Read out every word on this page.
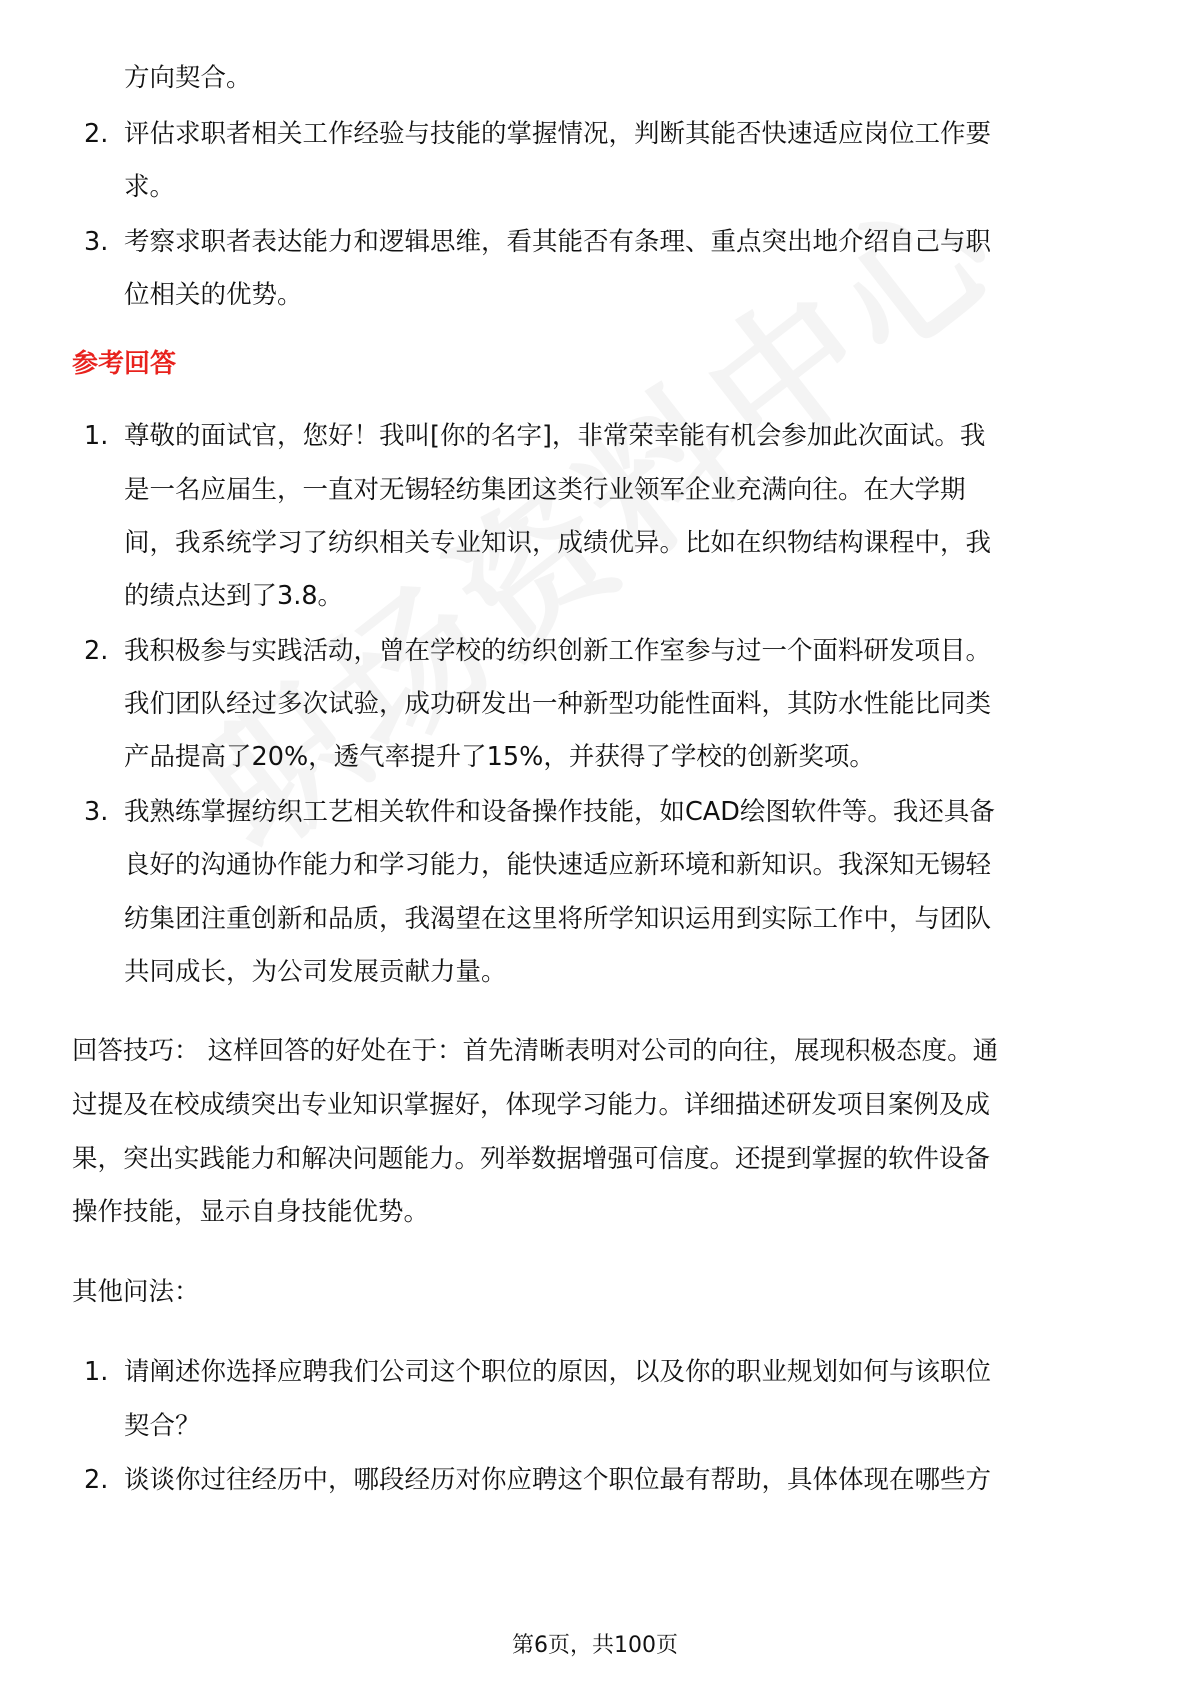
方向契合。
2. 评估求职者相关工作经验与技能的掌握情况，判断其能否快速适应岗位工作要
求。
3. 考察求职者表达能力和逻辑思维，看其能否有条理、重点突出地介绍自己与职
位相关的优势。
参考回答
1. 尊敬的面试官，您好！我叫[你的名字]，非常荣幸能有机会参加此次面试。我
是一名应届生，一直对无锡轻纺集团这类行业领军企业充满向往。在大学期
间，我系统学习了纺织相关专业知识，成绩优异。比如在织物结构课程中，我
的绩点达到了3.8。
2. 我积极参与实践活动，曾在学校的纺织创新工作室参与过一个面料研发项目。
我们团队经过多次试验，成功研发出一种新型功能性面料，其防水性能比同类
产品提高了20%，透气率提升了15%，并获得了学校的创新奖项。
3. 我熟练掌握纺织工艺相关软件和设备操作技能，如CAD绘图软件等。我还具备
良好的沟通协作能力和学习能力，能快速适应新环境和新知识。我深知无锡轻
纺集团注重创新和品质，我渴望在这里将所学知识运用到实际工作中，与团队
共同成长，为公司发展贡献力量。
回答技巧： 这样回答的好处在于：首先清晰表明对公司的向往，展现积极态度。通
过提及在校成绩突出专业知识掌握好，体现学习能力。详细描述研发项目案例及成
果，突出实践能力和解决问题能力。列举数据增强可信度。还提到掌握的软件设备
操作技能，显示自身技能优势。
其他问法：
1. 请阐述你选择应聘我们公司这个职位的原因，以及你的职业规划如何与该职位
契合？
2. 谈谈你过往经历中，哪段经历对你应聘这个职位最有帮助，具体体现在哪些方
第6页，共100页
